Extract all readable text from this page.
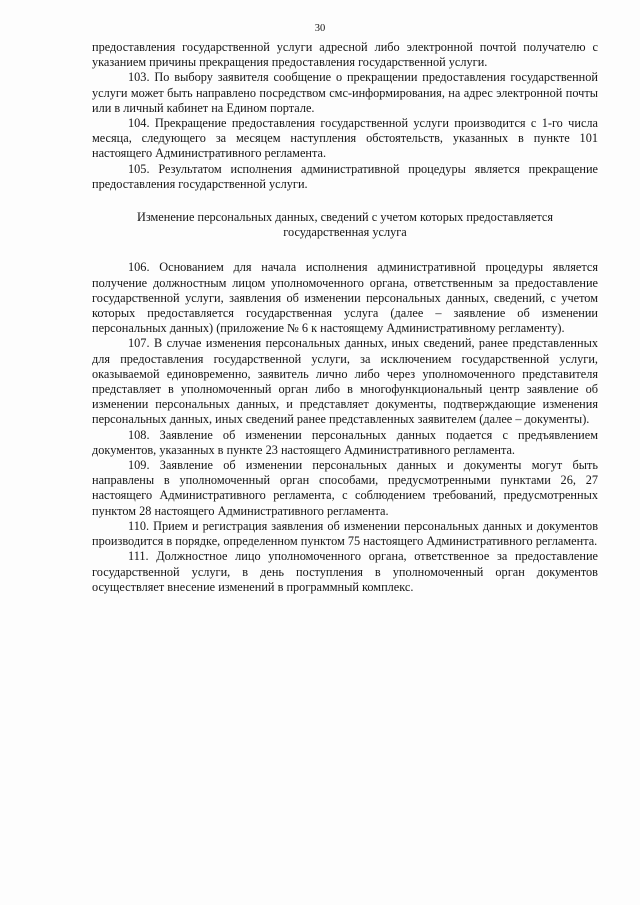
30

предоставления государственной услуги адресной либо электронной почтой получателю с указанием причины прекращения предоставления государственной услуги.

103. По выбору заявителя сообщение о прекращении предоставления государственной услуги может быть направлено посредством смс-информирования, на адрес электронной почты или в личный кабинет на Едином портале.

104. Прекращение предоставления государственной услуги производится с 1-го числа месяца, следующего за месяцем наступления обстоятельств, указанных в пункте 101 настоящего Административного регламента.

105. Результатом исполнения административной процедуры является прекращение предоставления государственной услуги.

Изменение персональных данных, сведений с учетом которых предоставляется государственная услуга

106. Основанием для начала исполнения административной процедуры является получение должностным лицом уполномоченного органа, ответственным за предоставление государственной услуги, заявления об изменении персональных данных, сведений, с учетом которых предоставляется государственная услуга (далее – заявление об изменении персональных данных) (приложение № 6 к настоящему Административному регламенту).

107. В случае изменения персональных данных, иных сведений, ранее представленных для предоставления государственной услуги, за исключением государственной услуги, оказываемой единовременно, заявитель лично либо через уполномоченного представителя представляет в уполномоченный орган либо в многофункциональный центр заявление об изменении персональных данных, и представляет документы, подтверждающие изменения персональных данных, иных сведений ранее представленных заявителем (далее – документы).

108. Заявление об изменении персональных данных подается с предъявлением документов, указанных в пункте 23 настоящего Административного регламента.

109. Заявление об изменении персональных данных и документы могут быть направлены в уполномоченный орган способами, предусмотренными пунктами 26, 27 настоящего Административного регламента, с соблюдением требований, предусмотренных пунктом 28 настоящего Административного регламента.

110. Прием и регистрация заявления об изменении персональных данных и документов производится в порядке, определенном пунктом 75 настоящего Административного регламента.

111. Должностное лицо уполномоченного органа, ответственное за предоставление государственной услуги, в день поступления в уполномоченный орган документов осуществляет внесение изменений в программный комплекс.
